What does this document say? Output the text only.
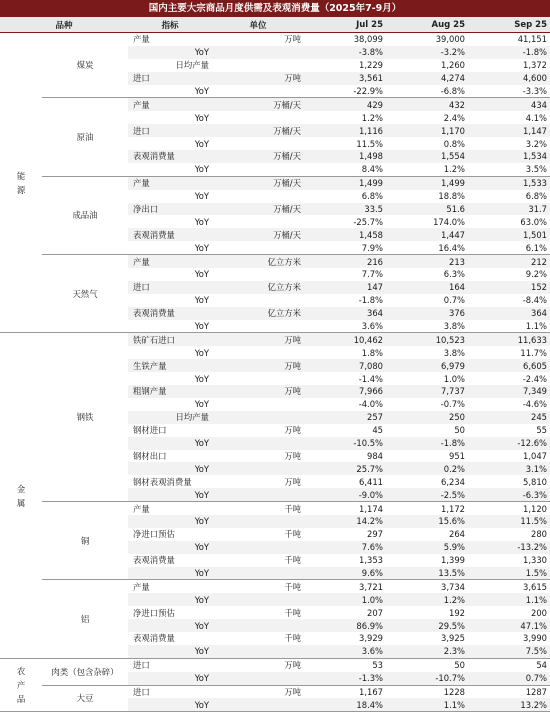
国内主要大宗商品月度供需及表观消费量（2025年7-9月）
品种		指标	单位	Jul 25	Aug 25	Sep 25
能源	煤炭	产量	万吨	38,099	39,000	41,151
		YoY		-3.8%	-3.2%	-1.8%
		日均产量		1,229	1,260	1,372
		进口	万吨	3,561	4,274	4,600
		YoY		-22.9%	-6.8%	-3.3%
	原油	产量	万桶/天	429	432	434
		YoY		1.2%	2.4%	4.1%
		进口	万桶/天	1,116	1,170	1,147
		YoY		11.5%	0.8%	3.2%
		表观消费量	万桶/天	1,498	1,554	1,534
		YoY		8.4%	1.2%	3.5%
	成品油	产量	万桶/天	1,499	1,499	1,533
		YoY		6.8%	18.8%	6.8%
		净出口	万桶/天	33.5	51.6	31.7
		YoY		-25.7%	174.0%	63.0%
		表观消费量	万桶/天	1,458	1,447	1,501
		YoY		7.9%	16.4%	6.1%
	天然气	产量	亿立方米	216	213	212
		YoY		7.7%	6.3%	9.2%
		进口	亿立方米	147	164	152
		YoY		-1.8%	0.7%	-8.4%
		表观消费量	亿立方米	364	376	364
		YoY		3.6%	3.8%	1.1%
金属	钢铁	铁矿石进口	万吨	10,462	10,523	11,633
		YoY		1.8%	3.8%	11.7%
		生铁产量	万吨	7,080	6,979	6,605
		YoY		-1.4%	1.0%	-2.4%
		粗钢产量	万吨	7,966	7,737	7,349
		YoY		-4.0%	-0.7%	-4.6%
		日均产量		257	250	245
		钢材进口	万吨	45	50	55
		YoY		-10.5%	-1.8%	-12.6%
		钢材出口	万吨	984	951	1,047
		YoY		25.7%	0.2%	3.1%
		钢材表观消费量	万吨	6,411	6,234	5,810
		YoY		-9.0%	-2.5%	-6.3%
	铜	产量	千吨	1,174	1,172	1,120
		YoY		14.2%	15.6%	11.5%
		净进口预估	千吨	297	264	280
		YoY		7.6%	5.9%	-13.2%
		表观消费量	千吨	1,353	1,399	1,330
		YoY		9.6%	13.5%	1.5%
	铝	产量	千吨	3,721	3,734	3,615
		YoY		1.0%	1.2%	1.1%
		净进口预估	千吨	207	192	200
		YoY		86.9%	29.5%	47.1%
		表观消费量	千吨	3,929	3,925	3,990
		YoY		3.6%	2.3%	7.5%
农产品	肉类（包含杂碎）	进口	万吨	53	50	54
		YoY		-1.3%	-10.7%	0.7%
	大豆	进口	万吨	1,167	1228	1287
		YoY		18.4%	1.1%	13.2%
